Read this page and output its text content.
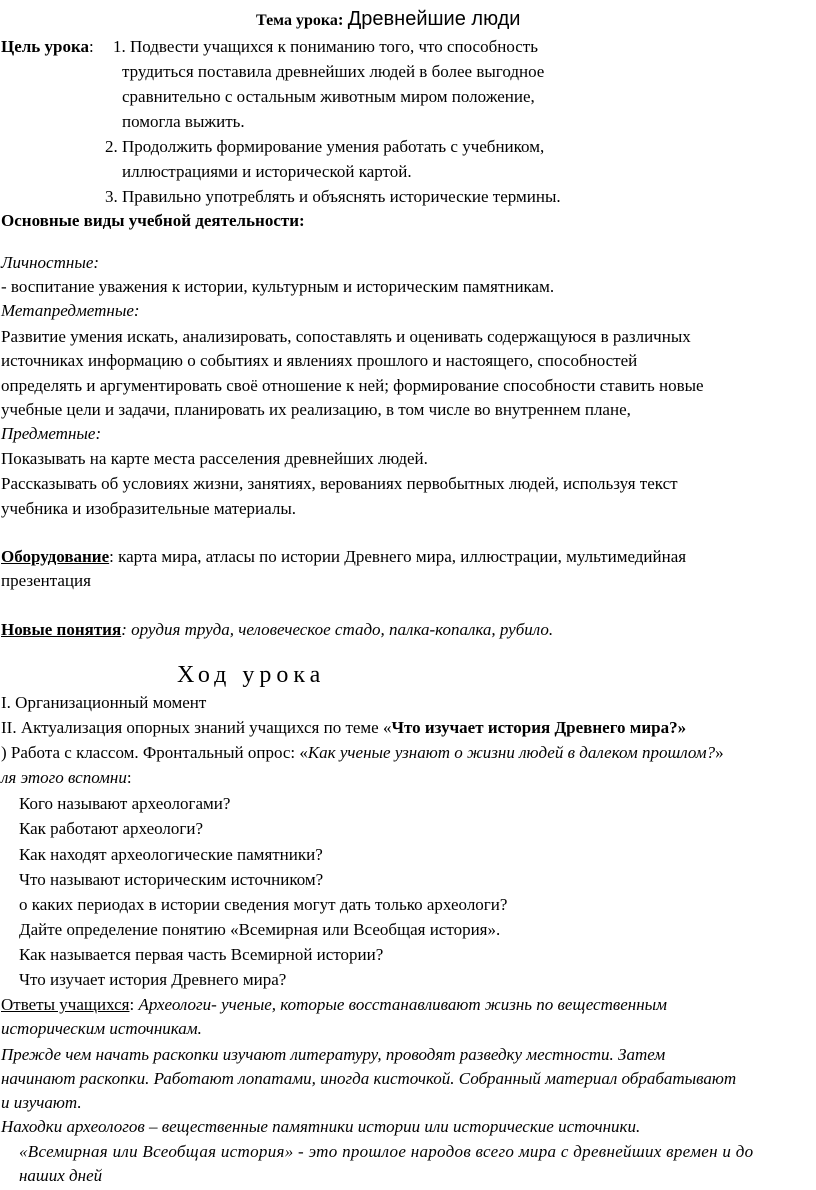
Тема урока: Древнейшие люди
Цель урока: 1. Подвести учащихся к пониманию того, что способность
трудиться поставила древнейших людей в более выгодное
сравнительно с остальным животным миром положение,
помогла выжить.
2. Продолжить формирование умения работать с учебником,
иллюстрациями и исторической картой.
3. Правильно употреблять и объяснять исторические термины.
Основные виды учебной деятельности:
Личностные:
- воспитание уважения к истории, культурным и историческим памятникам.
Метапредметные:
Развитие умения искать, анализировать, сопоставлять и оценивать содержащуюся в различных
источниках информацию о событиях и явлениях прошлого и настоящего, способностей
определять и аргументировать своё отношение к ней; формирование способности ставить новые
учебные цели и задачи, планировать их реализацию, в том числе во внутреннем плане,
Предметные:
Показывать на карте места расселения древнейших людей.
Рассказывать об условиях жизни, занятиях, верованиях первобытных людей, используя текст
учебника и изобразительные материалы.
Оборудование: карта мира, атласы по истории Древнего мира, иллюстрации, мультимедийная
презентация
Новые понятия: орудия труда, человеческое стадо, палка-копалка, рубило.
Ход урока
I. Организационный момент
II. Актуализация опорных знаний учащихся по теме «Что изучает история Древнего мира?»
) Работа с классом. Фронтальный опрос: «Как ученые узнают о жизни людей в далеком прошлом?»
ля этого вспомни:
Кого называют археологами?
Как работают археологи?
Как находят археологические памятники?
Что называют историческим источником?
о каких периодах в истории сведения могут дать только археологи?
Дайте определение понятию «Всемирная или Всеобщая история».
Как называется первая часть Всемирной истории?
Что изучает история Древнего мира?
Ответы учащихся: Археологи- ученые, которые восстанавливают жизнь по вещественным
историческим источникам.
Прежде чем начать раскопки изучают литературу, проводят разведку местности. Затем
начинают раскопки. Работают лопатами, иногда кисточкой. Собранный материал обрабатывают
и изучают.
Находки археологов – вещественные памятники истории или исторические источники.
«Всемирная или Всеобщая история» - это прошлое народов всего мира с древнейших времен и до
наших дней
